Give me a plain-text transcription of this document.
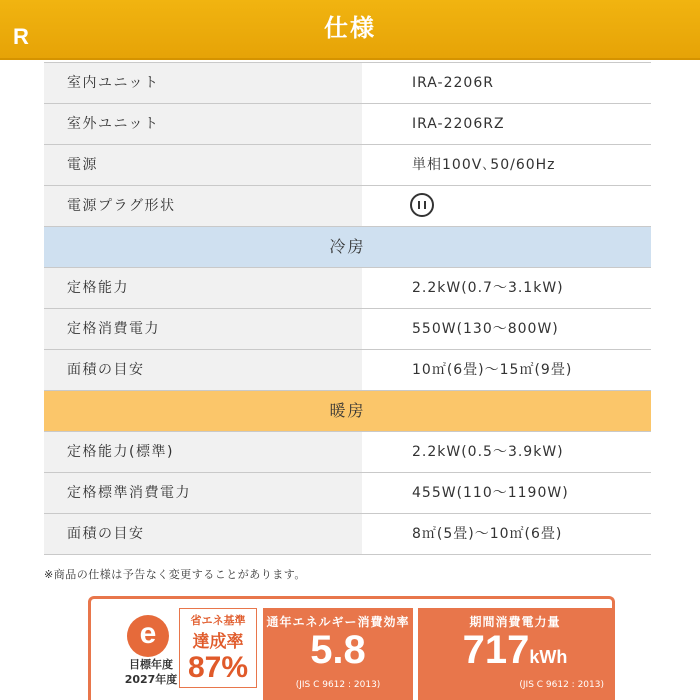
R	仕様
室内ユニット	IRA-2206R
室外ユニット	IRA-2206RZ
電源	単相100V､50/60Hz
電源プラグ形状
冷房
定格能力	2.2kW(0.7～3.1kW)
定格消費電力	550W(130～800W)
面積の目安	10㎡(6畳)～15㎡(9畳)
暖房
定格能力(標準)	2.2kW(0.5～3.9kW)
定格標準消費電力	455W(110～1190W)
面積の目安	8㎡(5畳)～10㎡(6畳)
※商品の仕様は予告なく変更することがあります。
e
目標年度
2027年度
省エネ基準
達成率
87%
通年エネルギー消費効率
5.8
(JIS C 9612 : 2013)
期間消費電力量
717kWh
(JIS C 9612 : 2013)
